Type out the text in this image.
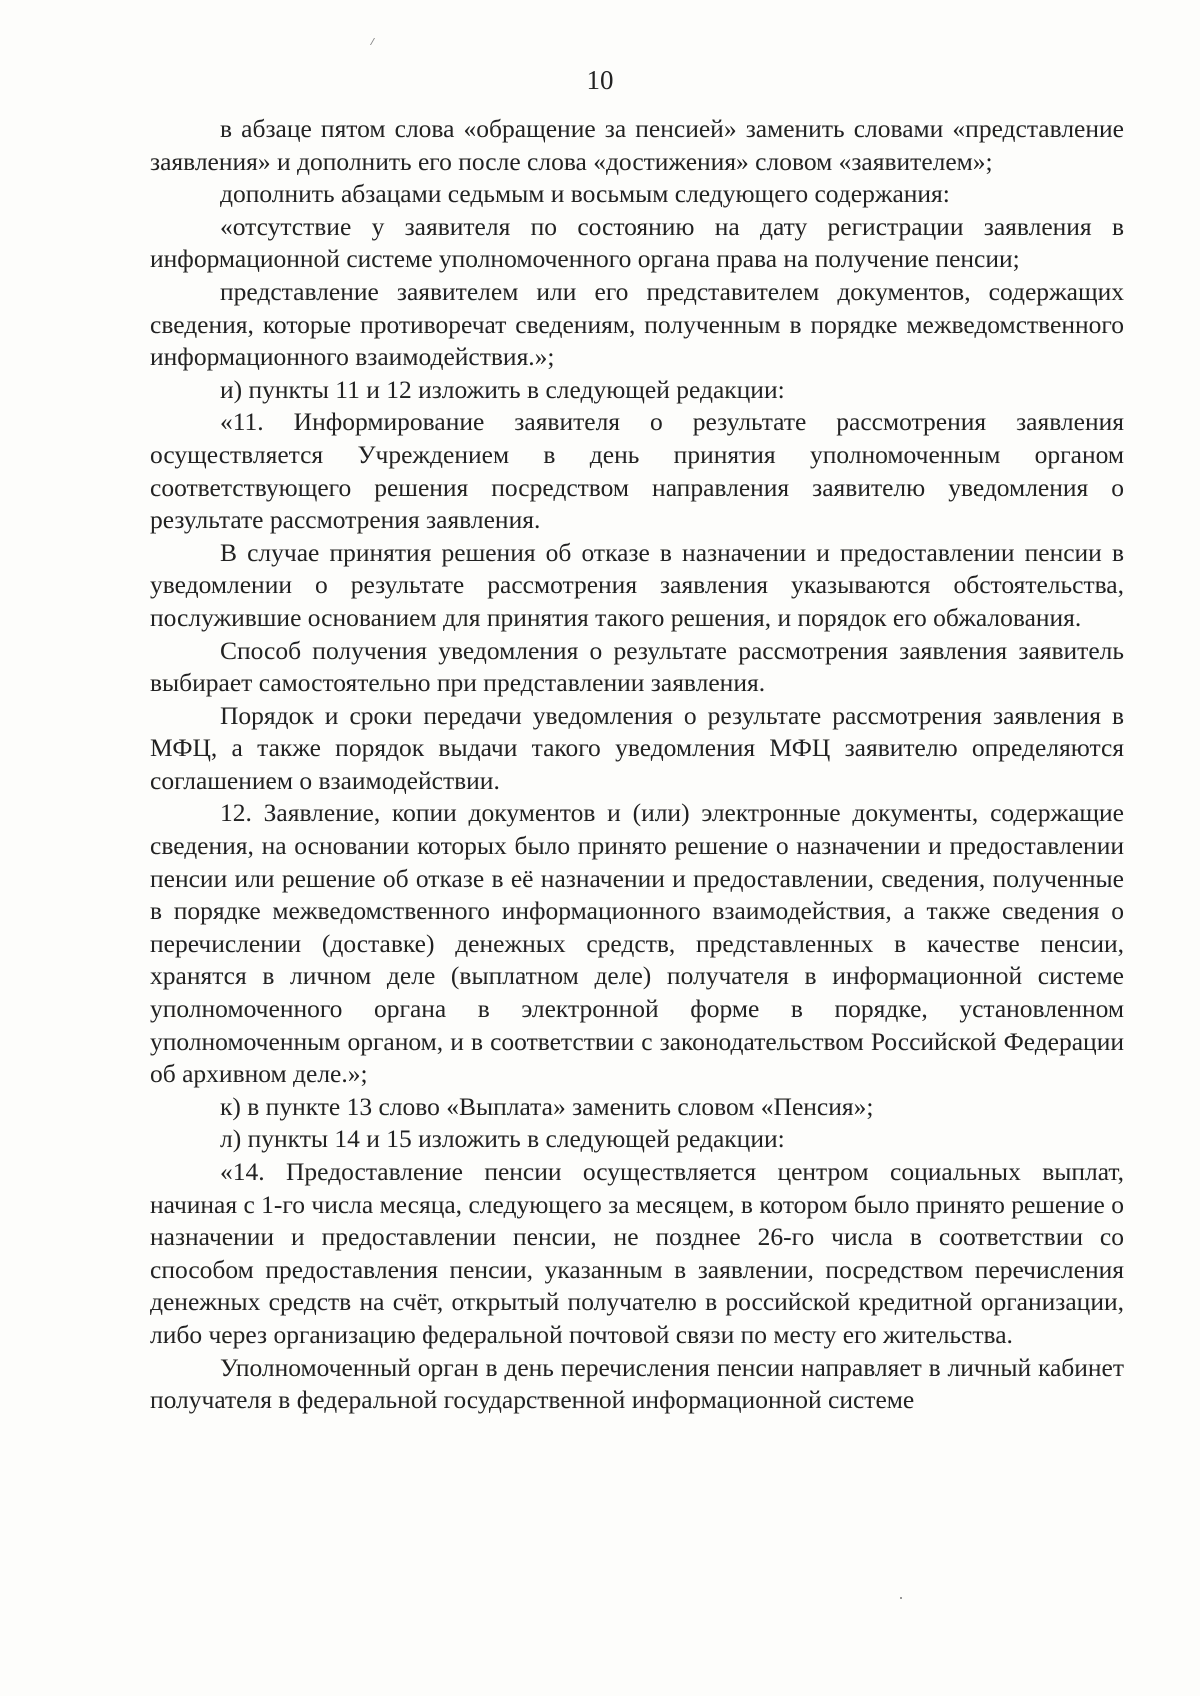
10

в абзаце пятом слова «обращение за пенсией» заменить словами «представление заявления» и дополнить его после слова «достижения» словом «заявителем»;

дополнить абзацами седьмым и восьмым следующего содержания:

«отсутствие у заявителя по состоянию на дату регистрации заявления в информационной системе уполномоченного органа права на получение пенсии;

представление заявителем или его представителем документов, содержащих сведения, которые противоречат сведениям, полученным в порядке межведомственного информационного взаимодействия.»;

и) пункты 11 и 12 изложить в следующей редакции:

«11. Информирование заявителя о результате рассмотрения заявления осуществляется Учреждением в день принятия уполномоченным органом соответствующего решения посредством направления заявителю уведомления о результате рассмотрения заявления.

В случае принятия решения об отказе в назначении и предоставлении пенсии в уведомлении о результате рассмотрения заявления указываются обстоятельства, послужившие основанием для принятия такого решения, и порядок его обжалования.

Способ получения уведомления о результате рассмотрения заявления заявитель выбирает самостоятельно при представлении заявления.

Порядок и сроки передачи уведомления о результате рассмотрения заявления в МФЦ, а также порядок выдачи такого уведомления МФЦ заявителю определяются соглашением о взаимодействии.

12. Заявление, копии документов и (или) электронные документы, содержащие сведения, на основании которых было принято решение о назначении и предоставлении пенсии или решение об отказе в её назначении и предоставлении, сведения, полученные в порядке межведомственного информационного взаимодействия, а также сведения о перечислении (доставке) денежных средств, представленных в качестве пенсии, хранятся в личном деле (выплатном деле) получателя в информационной системе уполномоченного органа в электронной форме в порядке, установленном уполномоченным органом, и в соответствии с законодательством Российской Федерации об архивном деле.»;

к) в пункте 13 слово «Выплата» заменить словом «Пенсия»;

л) пункты 14 и 15 изложить в следующей редакции:

«14. Предоставление пенсии осуществляется центром социальных выплат, начиная с 1-го числа месяца, следующего за месяцем, в котором было принято решение о назначении и предоставлении пенсии, не позднее 26-го числа в соответствии со способом предоставления пенсии, указанным в заявлении, посредством перечисления денежных средств на счёт, открытый получателю в российской кредитной организации, либо через организацию федеральной почтовой связи по месту его жительства.

Уполномоченный орган в день перечисления пенсии направляет в личный кабинет получателя в федеральной государственной информационной системе
